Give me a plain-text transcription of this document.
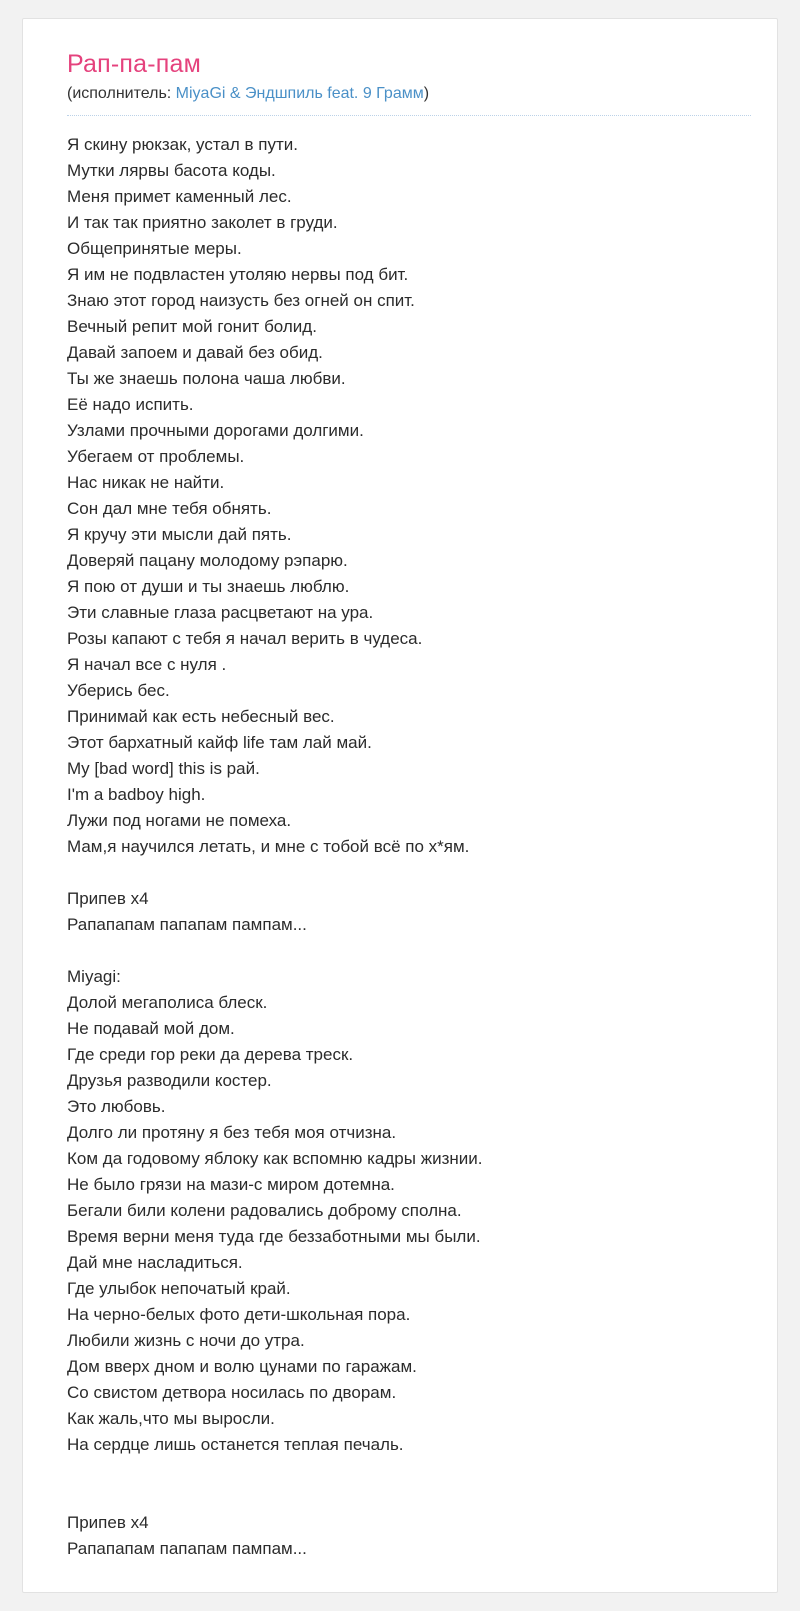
Рап-па-пам
(исполнитель: MiyaGi & Эндшпиль feat. 9 Грамм)
Я скину рюкзак, устал в пути.
Мутки лярвы басота коды.
Меня примет каменный лес.
И так так приятно заколет в груди.
Общепринятые меры.
Я им не подвластен утоляю нервы под бит.
Знаю этот город наизусть без огней он спит.
Вечный репит мой гонит болид.
Давай запоем и давай без обид.
Ты же знаешь полона чаша любви.
Её надо испить.
Узлами прочными дорогами долгими.
Убегаем от проблемы.
Нас никак не найти.
Сон дал мне тебя обнять.
Я кручу эти мысли дай пять.
Доверяй пацану молодому рэпарю.
Я пою от души и ты знаешь люблю.
Эти славные глаза расцветают на ура.
Розы капают с тебя я начал верить в чудеса.
Я начал все с нуля .
Уберись бес.
Принимай как есть небесный вес.
Этот бархатный кайф life там лай май.
My [bad word] this is рай.
I'm a badboy high.
Лужи под ногами не помеха.
Мам,я научился летать, и мне с тобой всё по х*ям.
Припев х4
Рапапапам папапам пампам...
Miyagi:
Долой мегаполиса блеск.
Не подавай мой дом.
Где среди гор реки да дерева треск.
Друзья разводили костер.
Это любовь.
Долго ли протяну я без тебя моя отчизна.
Ком да годовому яблоку как вспомню кадры жизнии.
Не было грязи на мази-с миром дотемна.
Бегали били колени радовались доброму сполна.
Время верни меня туда где беззаботными мы были.
Дай мне насладиться.
Где улыбок непочатый край.
На черно-белых фото дети-школьная пора.
Любили жизнь с ночи до утра.
Дом вверх дном и волю цунами по гаражам.
Со свистом детвора носилась по дворам.
Как жаль,что мы выросли.
На сердце лишь останется теплая печаль.
Припев х4
Рапапапам папапам пампам...
